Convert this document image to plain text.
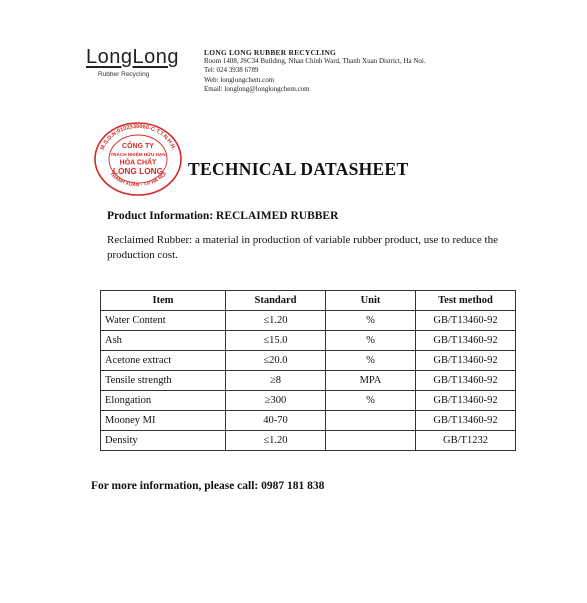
LongLong
Rubber Recycling
LONG LONG RUBBER RECYCLING
Room 1408, JSC34 Building, Nhan Chinh Ward, Thanh Xuan District, Ha Noi.
Tel: 024 3938 6789
Web: longlongchem.com
Email: longlong@longlongchem.com
M.S.D.N:0102330060-C.T.T.N.H.H.
THANH XUÂN - T.P HÀ NỘI
CÔNG TY
TRÁCH NHIỆM HỮU HẠN
HÓA CHẤT
LONG LONG TECHNICAL DATASHEET
Product Information: RECLAIMED RUBBER
Reclaimed Rubber: a material in production of variable rubber product, use to reduce the production cost.
Item	Standard	Unit	Test method
Water Content	≤1.20	%	GB/T13460-92
Ash	≤15.0	%	GB/T13460-92
Acetone extract	≤20.0	%	GB/T13460-92
Tensile strength	≥8	MPA	GB/T13460-92
Elongation	≥300	%	GB/T13460-92
Mooney MI	40-70		GB/T13460-92
Density	≤1.20		GB/T1232
·: · ·
· · ·
For more information, please call: 0987 181 838
